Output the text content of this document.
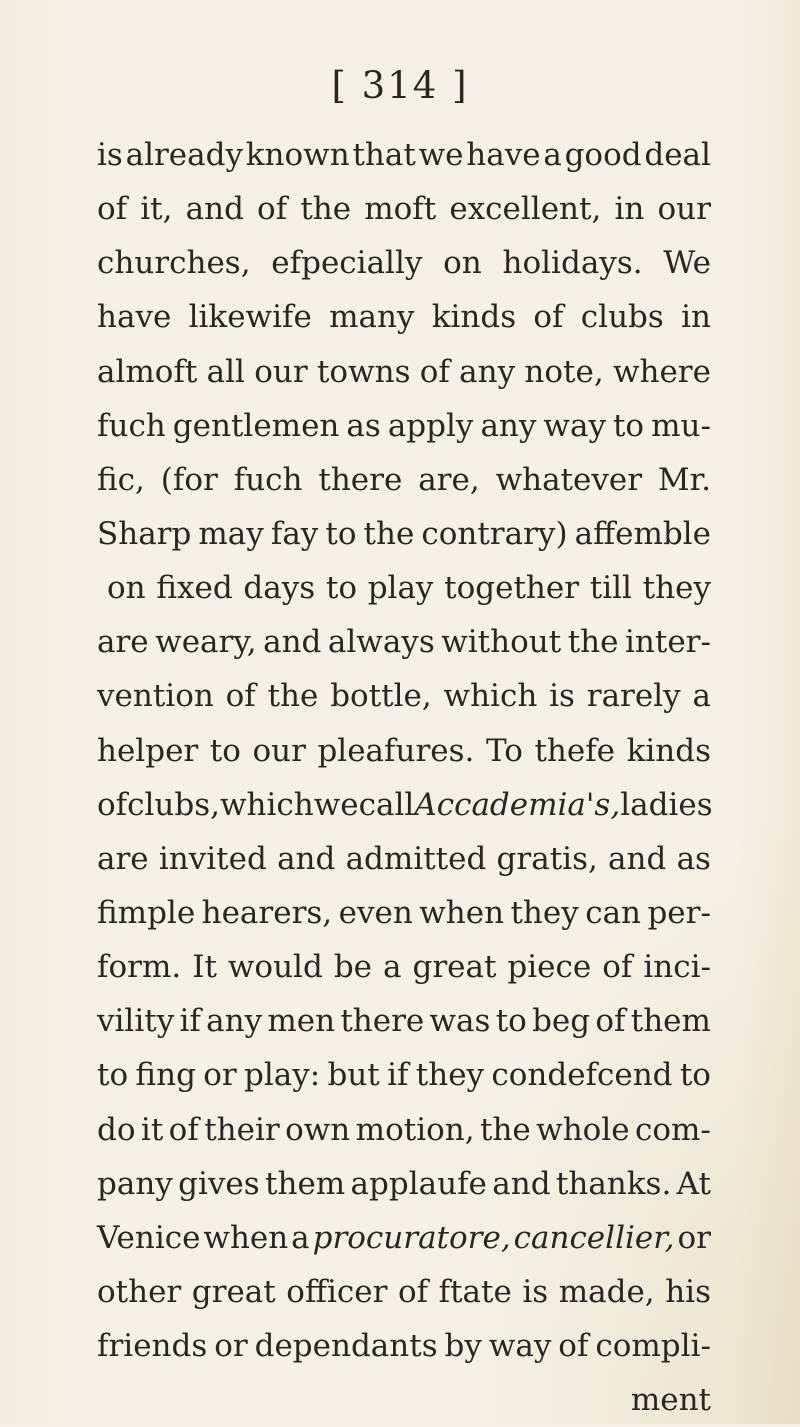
[ 314 ]
is already known that we have a good deal
of it, and of the moft excellent, in our
churches, efpecially on holidays. We
have likewife many kinds of clubs in
almoft all our towns of any note, where
fuch gentlemen as apply any way to mu-
fic, (for fuch there are, whatever Mr.
Sharp may fay to the contrary) affemble
on fixed days to play together till they
are weary, and always without the inter-
vention of the bottle, which is rarely a
helper to our pleafures. To thefe kinds
of clubs, which we call Accademia's, ladies
are invited and admitted gratis, and as
fimple hearers, even when they can per-
form. It would be a great piece of inci-
vility if any men there was to beg of them
to fing or play: but if they condefcend to
do it of their own motion, the whole com-
pany gives them applaufe and thanks. At
Venice when a procuratore, cancellier, or
other great officer of ftate is made, his
friends or dependants by way of compli-
ment
